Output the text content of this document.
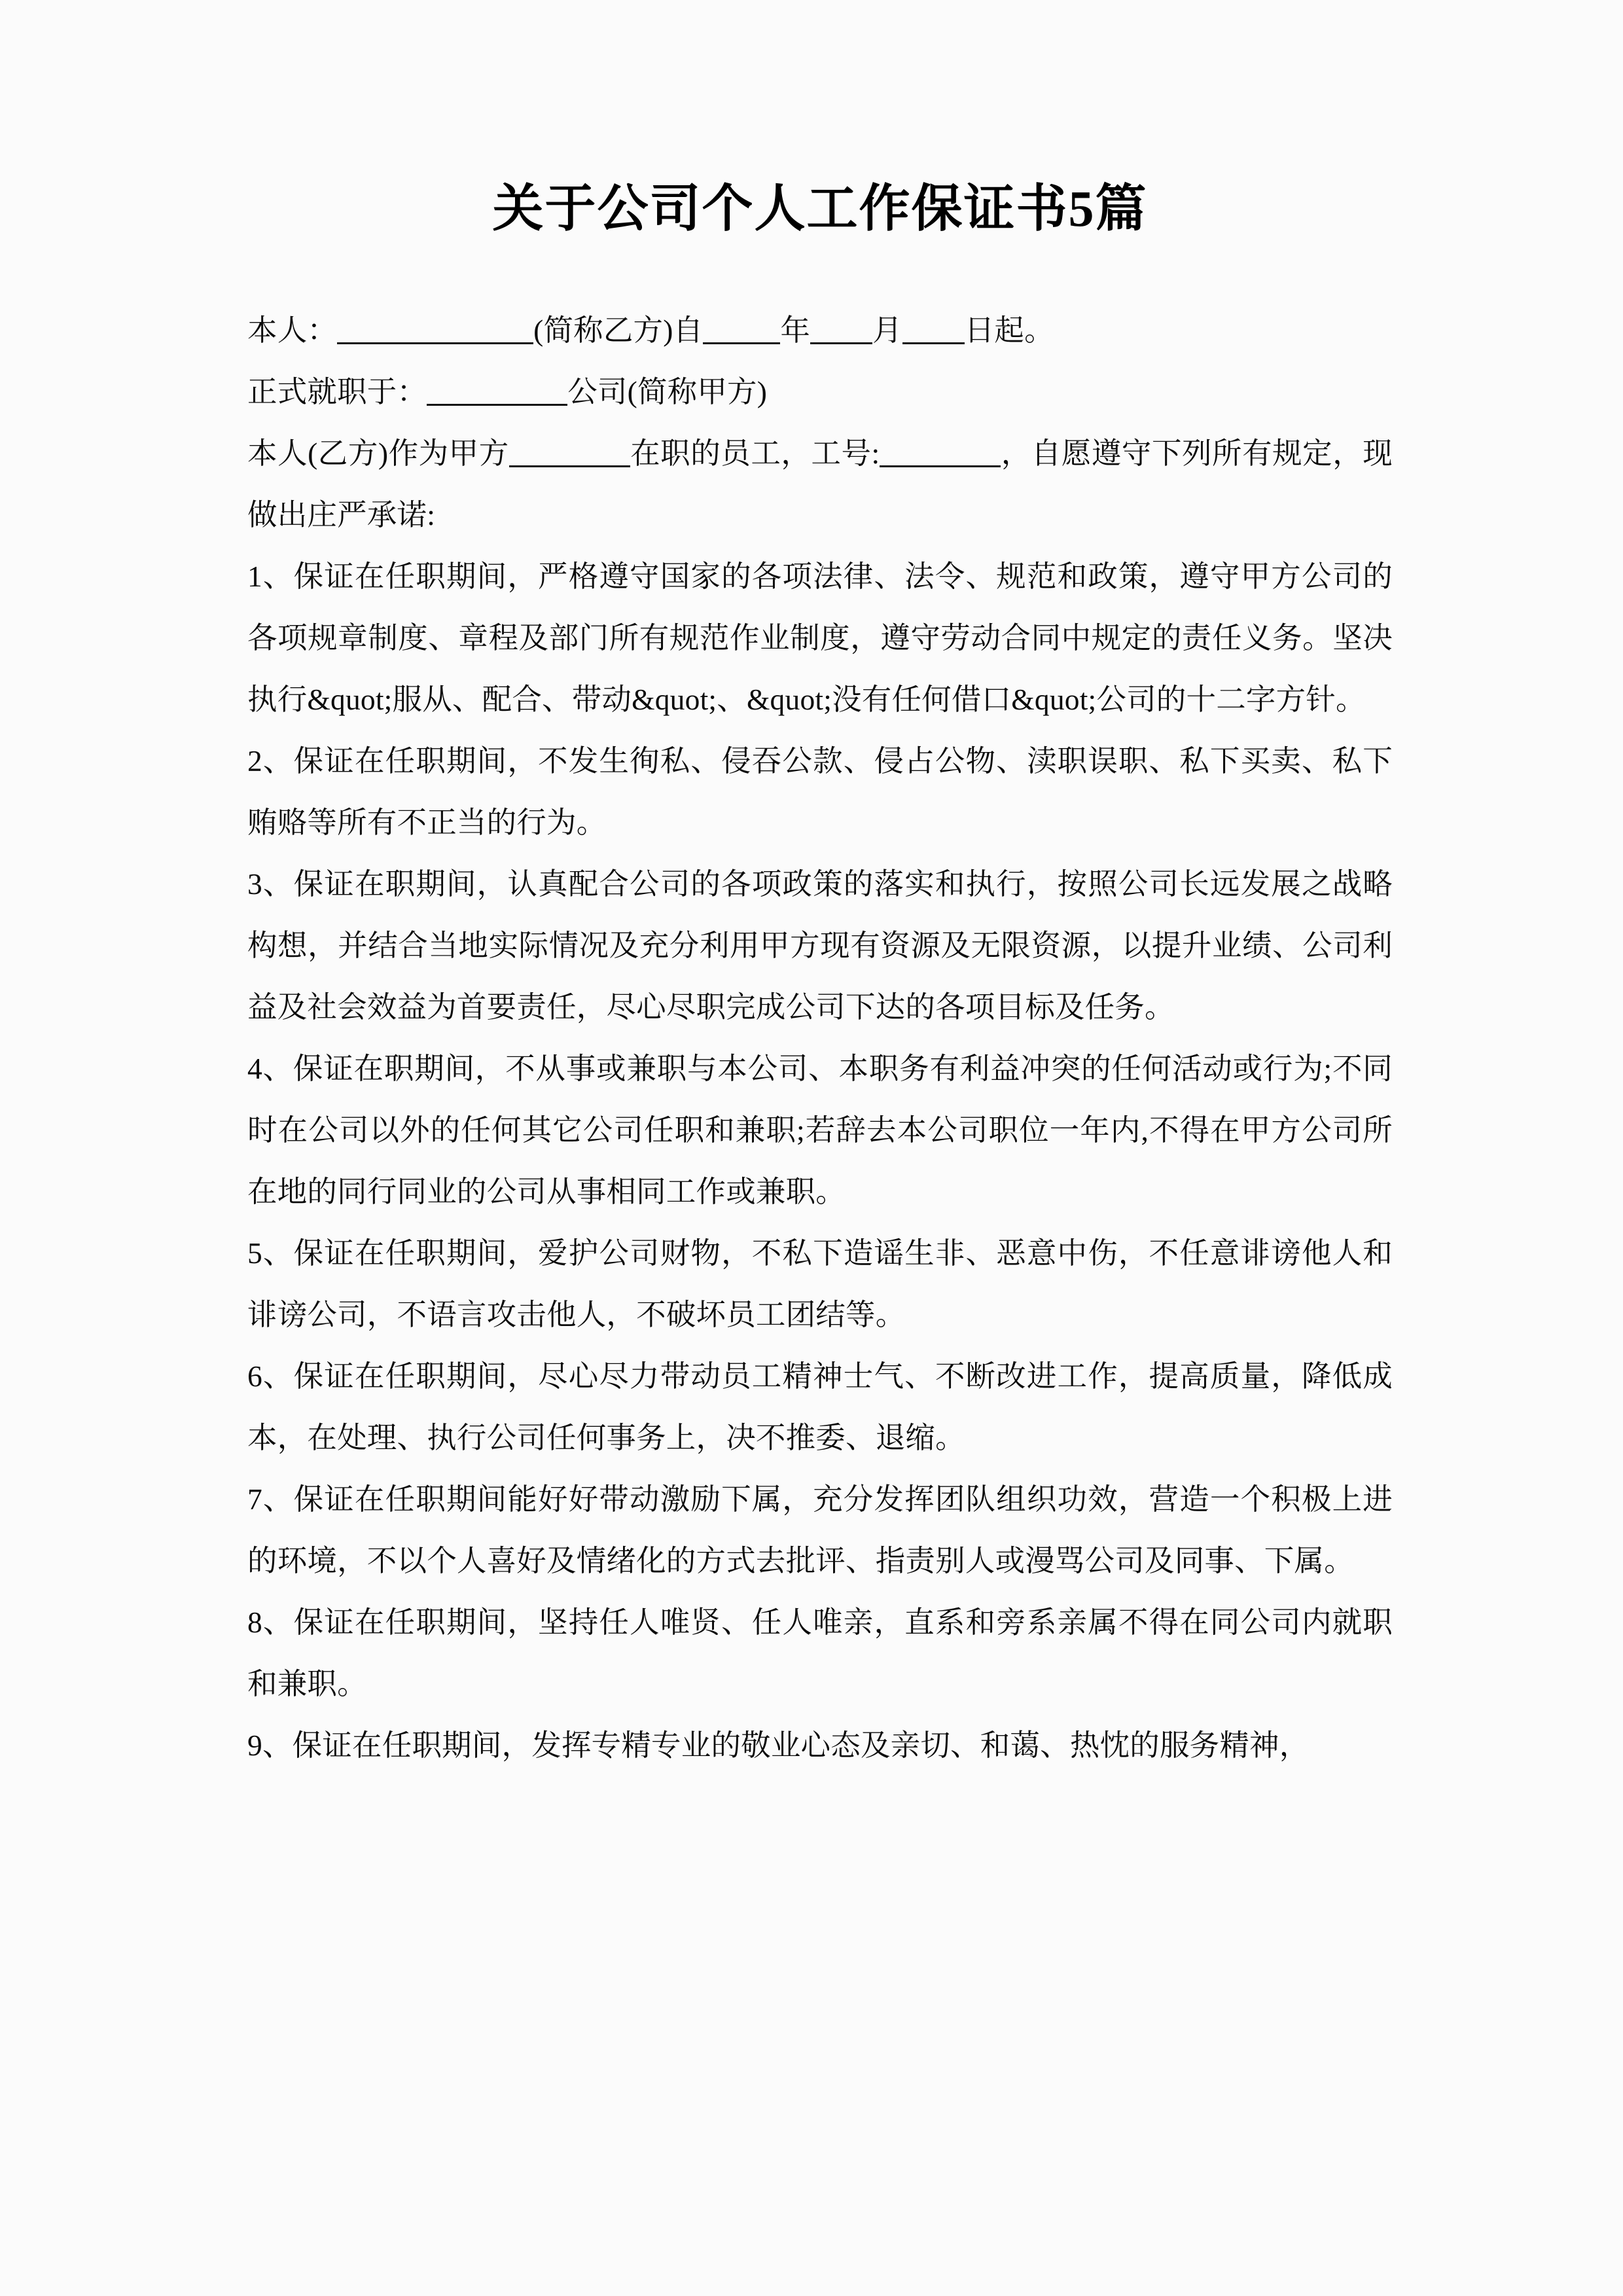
关于公司个人工作保证书5篇

本人：	(简称乙方)自	年 月 日起。

正式就职于：	公司(简称甲方)

本人(乙方)作为甲方	在职的员工，工号:	，自愿遵守下列所有规定，现做出庄严承诺:

1、保证在任职期间，严格遵守国家的各项法律、法令、规范和政策，遵守甲方公司的各项规章制度、章程及部门所有规范作业制度，遵守劳动合同中规定的责任义务。坚决执行&quot;服从、配合、带动&quot;、&quot;没有任何借口&quot;公司的十二字方针。

2、保证在任职期间，不发生徇私、侵吞公款、侵占公物、渎职误职、私下买卖、私下贿赂等所有不正当的行为。

3、保证在职期间，认真配合公司的各项政策的落实和执行，按照公司长远发展之战略构想，并结合当地实际情况及充分利用甲方现有资源及无限资源，以提升业绩、公司利益及社会效益为首要责任，尽心尽职完成公司下达的各项目标及任务。

4、保证在职期间，不从事或兼职与本公司、本职务有利益冲突的任何活动或行为;不同时在公司以外的任何其它公司任职和兼职;若辞去本公司职位一年内,不得在甲方公司所在地的同行同业的公司从事相同工作或兼职。

5、保证在任职期间，爱护公司财物，不私下造谣生非、恶意中伤，不任意诽谤他人和诽谤公司，不语言攻击他人，不破坏员工团结等。

6、保证在任职期间，尽心尽力带动员工精神士气、不断改进工作，提高质量，降低成本，在处理、执行公司任何事务上，决不推委、退缩。

7、保证在任职期间能好好带动激励下属，充分发挥团队组织功效，营造一个积极上进的环境，不以个人喜好及情绪化的方式去批评、指责别人或漫骂公司及同事、下属。

8、保证在任职期间，坚持任人唯贤、任人唯亲，直系和旁系亲属不得在同公司内就职和兼职。

9、保证在任职期间，发挥专精专业的敬业心态及亲切、和蔼、热忱的服务精神，
